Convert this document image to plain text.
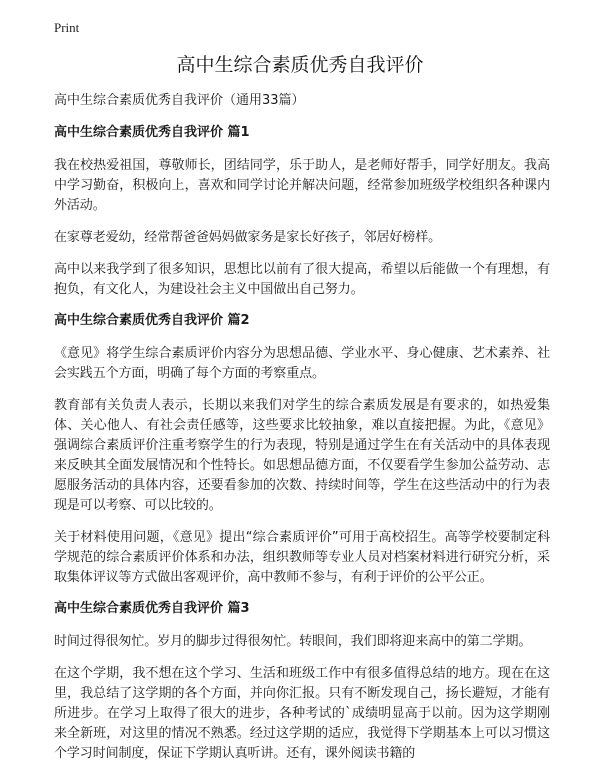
Print
高中生综合素质优秀自我评价

高中生综合素质优秀自我评价（通用33篇）

高中生综合素质优秀自我评价 篇1

我在校热爱祖国，尊敬师长，团结同学，乐于助人，是老师好帮手，同学好朋友。我高中学习勤奋，积极向上，喜欢和同学讨论并解决问题，经常参加班级学校组织各种课内外活动。

在家尊老爱幼，经常帮爸爸妈妈做家务是家长好孩子，邻居好榜样。

高中以来我学到了很多知识，思想比以前有了很大提高，希望以后能做一个有理想，有抱负，有文化人，为建设社会主义中国做出自己努力。

高中生综合素质优秀自我评价 篇2

《意见》将学生综合素质评价内容分为思想品德、学业水平、身心健康、艺术素养、社会实践五个方面，明确了每个方面的考察重点。

教育部有关负责人表示，长期以来我们对学生的综合素质发展是有要求的，如热爱集体、关心他人、有社会责任感等，这些要求比较抽象，难以直接把握。为此，《意见》强调综合素质评价注重考察学生的行为表现，特别是通过学生在有关活动中的具体表现来反映其全面发展情况和个性特长。如思想品德方面，不仅要看学生参加公益劳动、志愿服务活动的具体内容，还要看参加的次数、持续时间等，学生在这些活动中的行为表现是可以考察、可以比较的。

关于材料使用问题，《意见》提出“综合素质评价”可用于高校招生。高等学校要制定科学规范的综合素质评价体系和办法，组织教师等专业人员对档案材料进行研究分析，采取集体评议等方式做出客观评价，高中教师不参与，有利于评价的公平公正。

高中生综合素质优秀自我评价 篇3

时间过得很匆忙。岁月的脚步过得很匆忙。转眼间，我们即将迎来高中的第二学期。

在这个学期，我不想在这个学习、生活和班级工作中有很多值得总结的地方。现在在这里，我总结了这学期的各个方面，并向你汇报。只有不断发现自己，扬长避短，才能有所进步。在学习上取得了很大的进步，各种考试的`成绩明显高于以前。因为这学期刚来全新班，对这里的情况不熟悉。经过这学期的适应，我觉得下学期基本上可以习惯这个学习时间制度，保证下学期认真听讲。还有，课外阅读书籍的
